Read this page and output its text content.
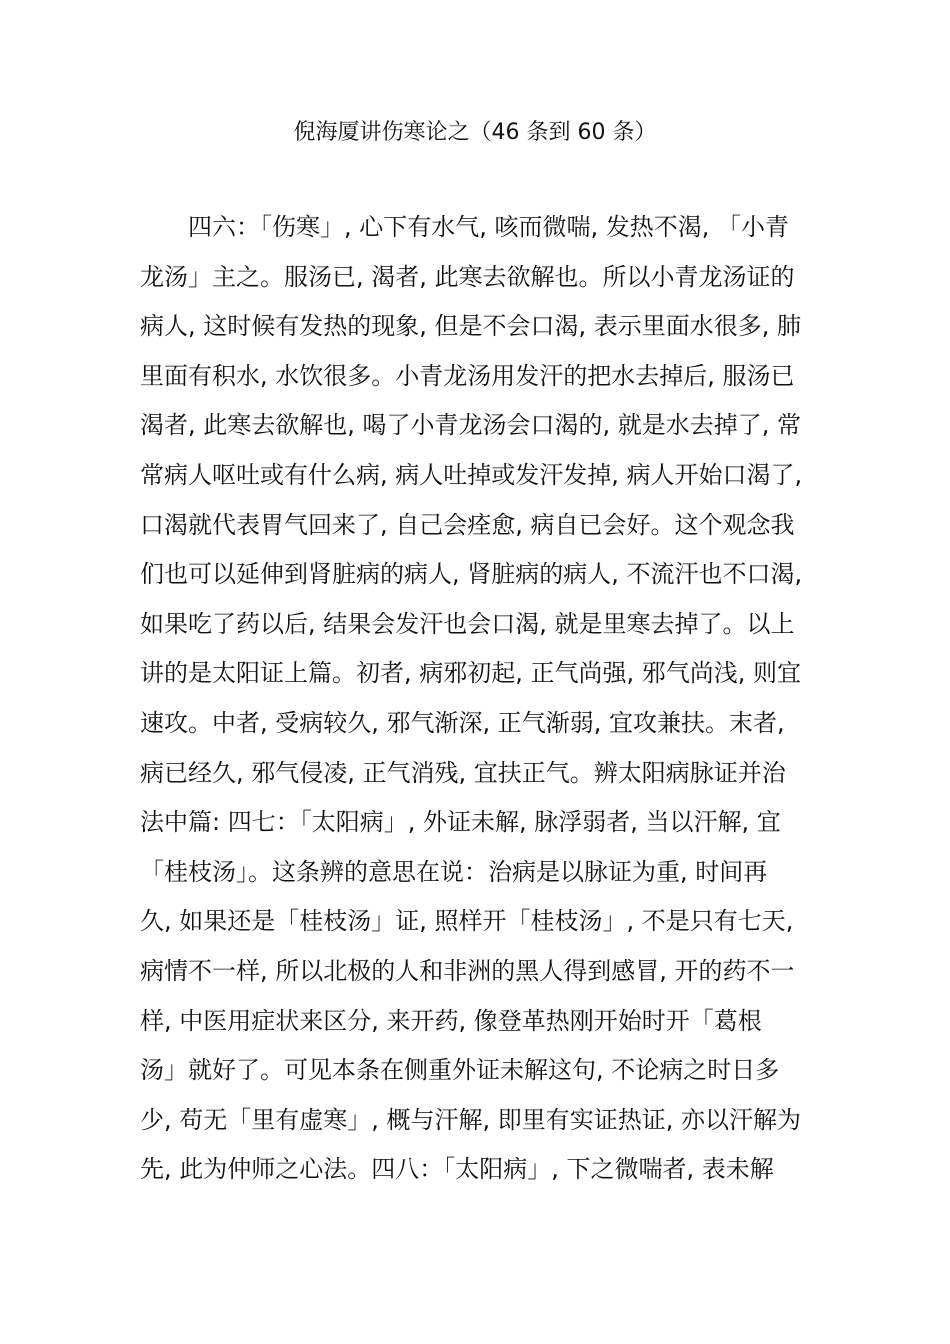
倪海厦讲伤寒论之（46 条到 60 条）
四六：「伤寒」, 心下有水气, 咳而微喘, 发热不渴, 「小青
龙汤」主之。服汤已, 渴者, 此寒去欲解也。所以小青龙汤证的
病人, 这时候有发热的现象, 但是不会口渴, 表示里面水很多, 肺
里面有积水, 水饮很多。小青龙汤用发汗的把水去掉后, 服汤已
渴者, 此寒去欲解也, 喝了小青龙汤会口渴的, 就是水去掉了, 常
常病人呕吐或有什么病, 病人吐掉或发汗发掉, 病人开始口渴了,
口渴就代表胃气回来了, 自己会痊愈, 病自已会好。这个观念我
们也可以延伸到肾脏病的病人, 肾脏病的病人, 不流汗也不口渴,
如果吃了药以后, 结果会发汗也会口渴, 就是里寒去掉了。以上
讲的是太阳证上篇。初者, 病邪初起, 正气尚强, 邪气尚浅, 则宜
速攻。中者, 受病较久, 邪气渐深, 正气渐弱, 宜攻兼扶。末者,
病已经久, 邪气侵凌, 正气消残, 宜扶正气。辨太阳病脉证并治
法中篇: 四七：「太阳病」, 外证未解, 脉浮弱者, 当以汗解, 宜
「桂枝汤」。这条辨的意思在说：治病是以脉证为重, 时间再
久, 如果还是「桂枝汤」证, 照样开「桂枝汤」, 不是只有七天,
病情不一样, 所以北极的人和非洲的黑人得到感冒, 开的药不一
样, 中医用症状来区分, 来开药, 像登革热刚开始时开「葛根
汤」就好了。可见本条在侧重外证未解这句, 不论病之时日多
少, 苟无「里有虚寒」, 概与汗解, 即里有实证热证, 亦以汗解为
先, 此为仲师之心法。四八：「太阳病」, 下之微喘者, 表未解
